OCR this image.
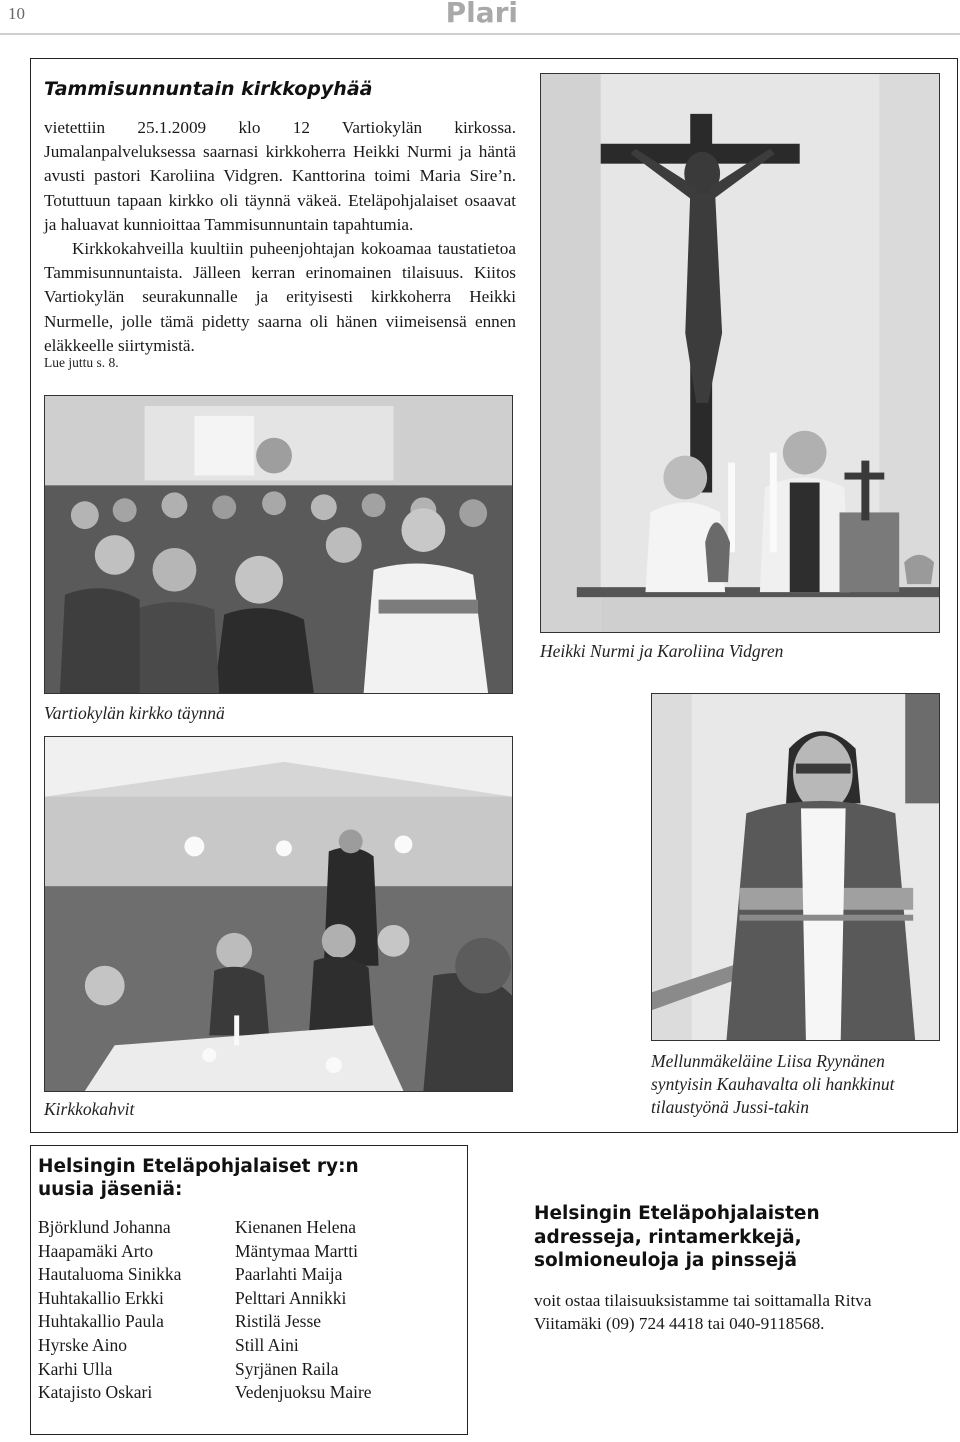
10	Plari
Tammisunnuntain kirkkopyhää

vietettiin 25.1.2009 klo 12 Vartiokylän kirkossa. Jumalanpalveluksessa saarnasi kirkkoherra Heikki Nurmi ja häntä avusti pastori Karoliina Vidgren. Kanttorina toimi Maria Sire’n. Totuttuun tapaan kirkko oli täynnä väkeä. Eteläpohjalaiset osaavat ja haluavat kunnioittaa Tammisunnuntain tapahtumia.

Kirkkokahveilla kuultiin puheenjohtajan kokoamaa taustatietoa Tammisunnuntaista. Jälleen kerran erinomainen tilaisuus. Kiitos Vartiokylän seurakunnalle ja erityisesti kirkkoherra Heikki Nurmelle, jolle tämä pidetty saarna oli hänen viimeisensä ennen eläkkeelle siirtymistä.

Lue juttu s. 8.
Heikki Nurmi ja Karoliina Vidgren
Vartiokylän kirkko täynnä
Kirkkokahvit
Mellunmäkeläine Liisa Ryynänen syntyisin Kauhavalta oli hankkinut tilaustyönä Jussi-takin
Helsingin Eteläpohjalaiset ry:n uusia jäseniä:
Björklund Johanna
Haapamäki Arto
Hautaluoma Sinikka
Huhtakallio Erkki
Huhtakallio Paula
Hyrske Aino
Karhi Ulla
Katajisto Oskari
Kienanen Helena
Mäntymaa Martti
Paarlahti Maija
Pelttari Annikki
Ristilä Jesse
Still Aini
Syrjänen Raila
Vedenjuoksu Maire
Helsingin Eteläpohjalaisten adresseja, rintamerkkejä, solmioneuloja ja pinssejä

voit ostaa tilaisuuksistamme tai soittamalla Ritva Viitamäki (09) 724 4418 tai 040-9118568.
